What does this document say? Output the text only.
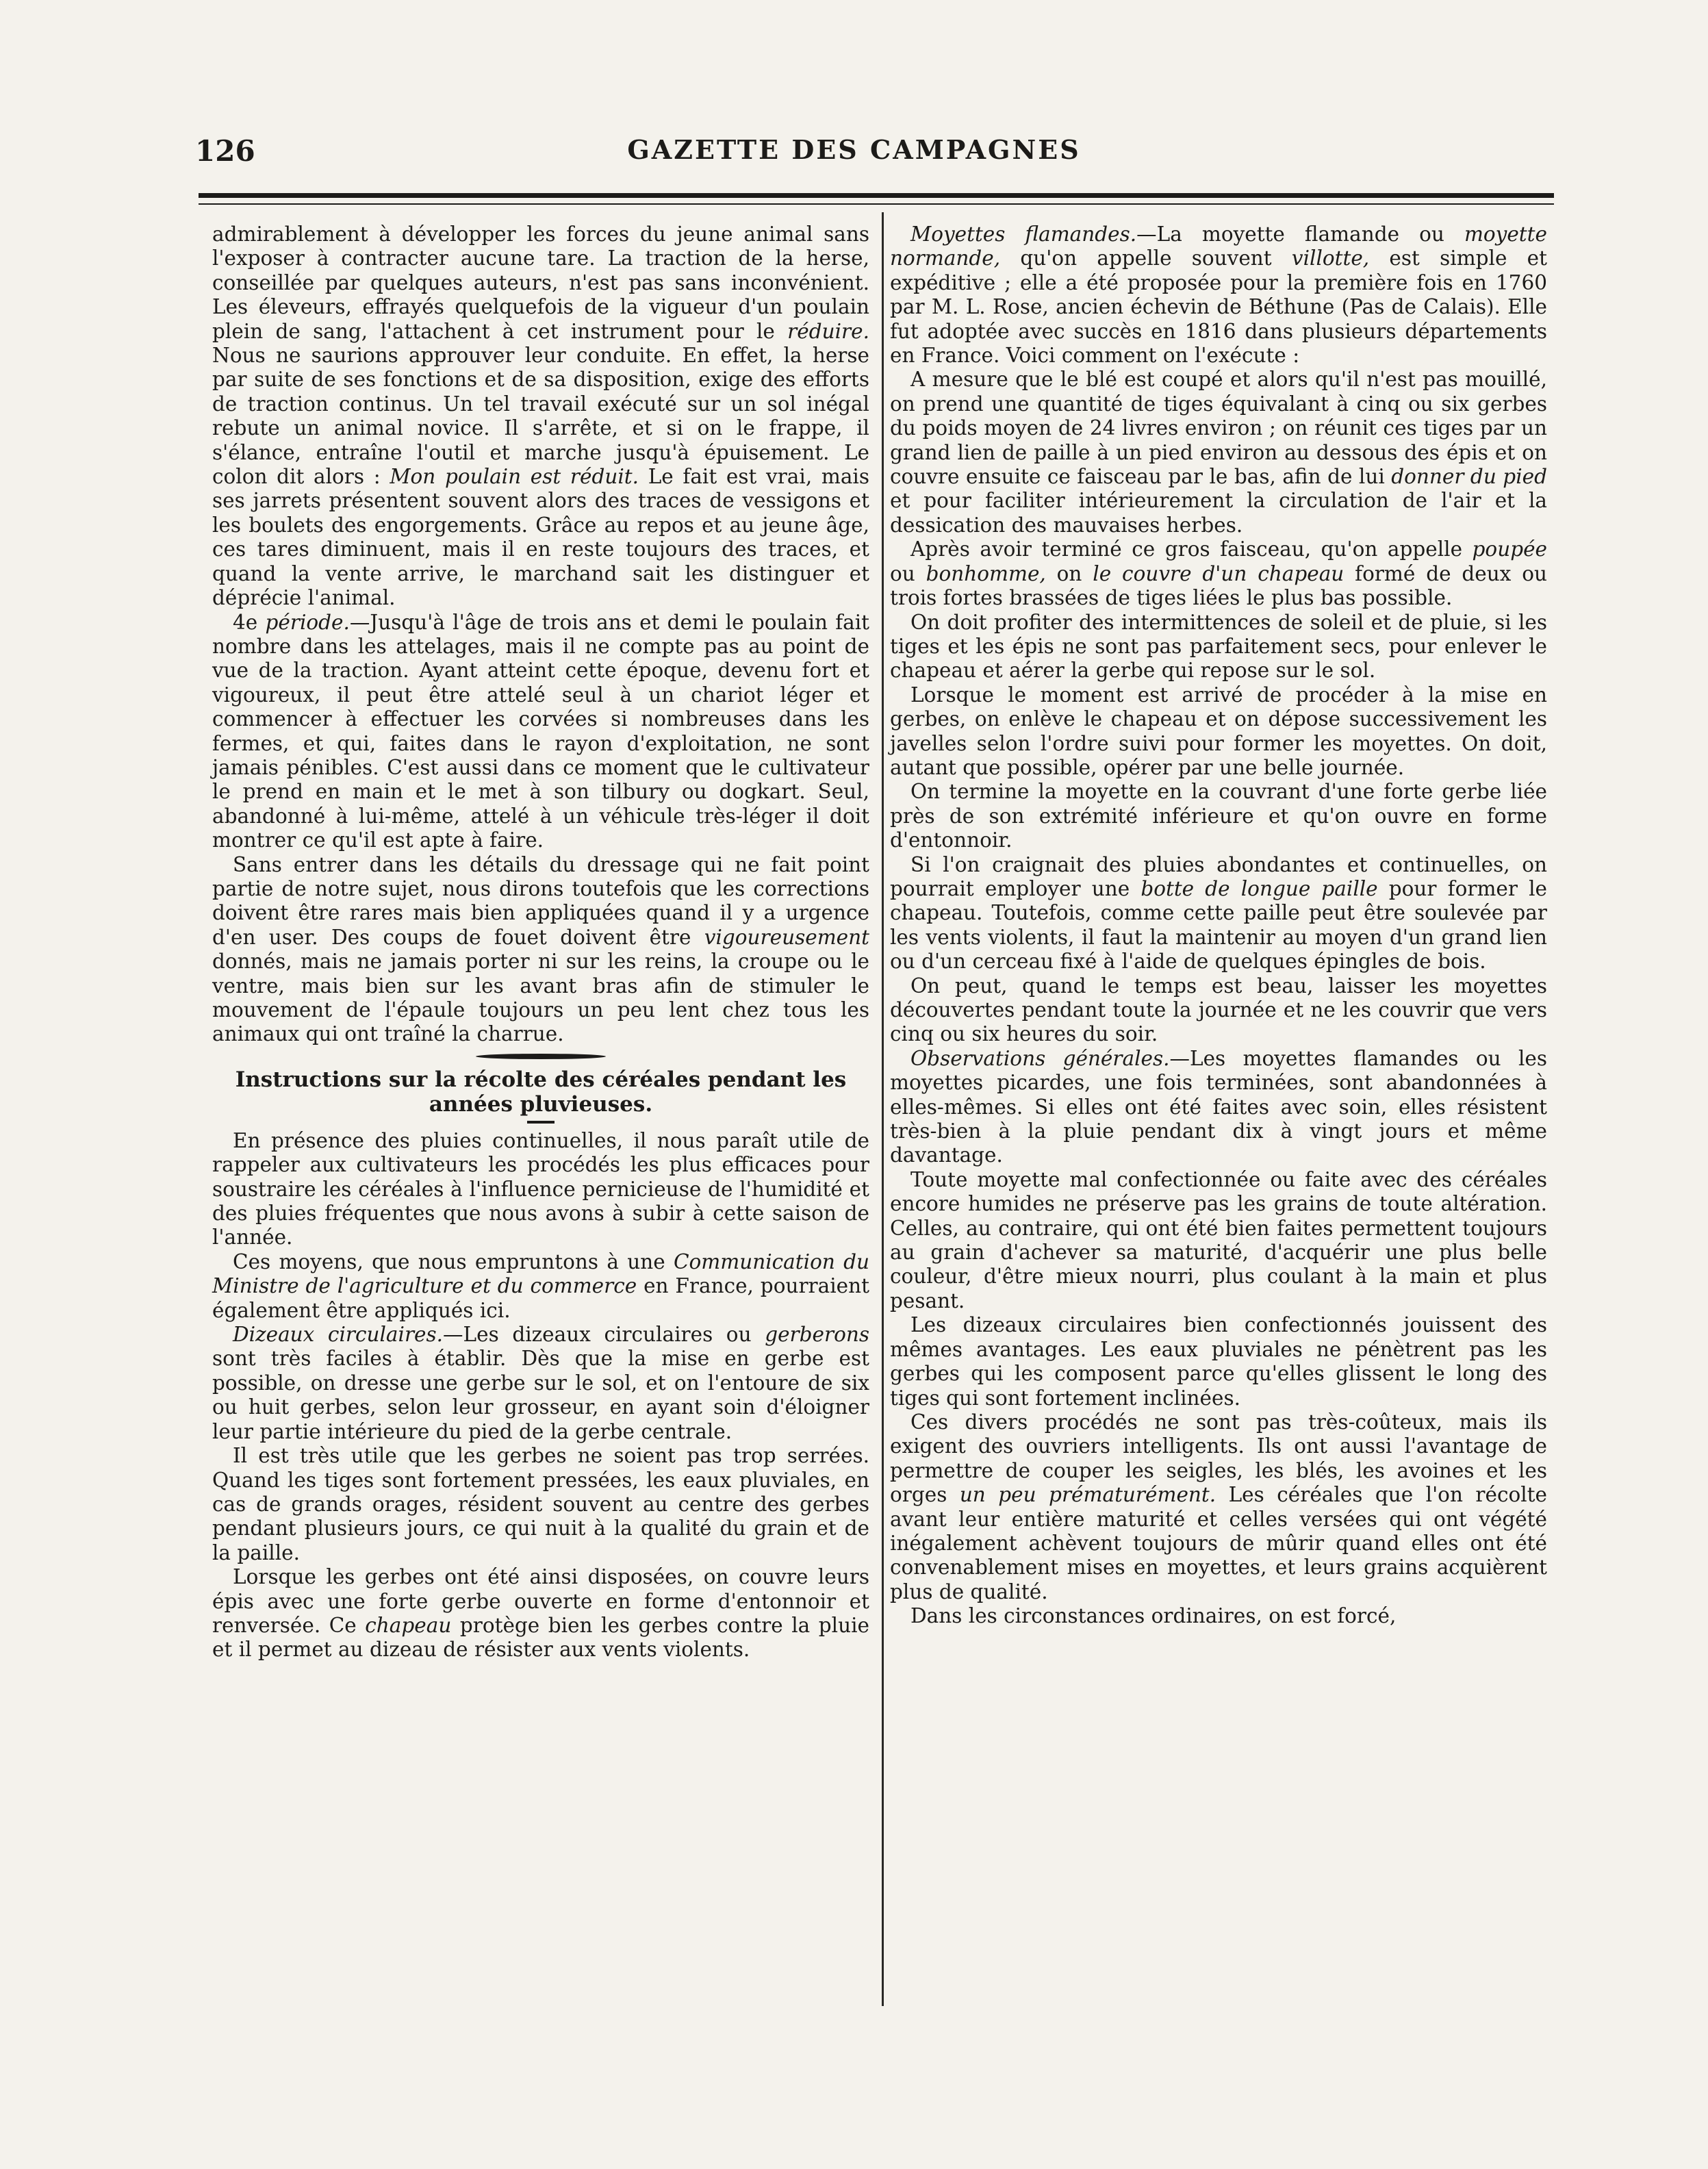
126	GAZETTE DES CAMPAGNES

admirablement à développer les forces du jeune animal sans l'exposer à contracter aucune tare. La traction de la herse, conseillée par quelques auteurs, n'est pas sans inconvénient. Les éleveurs, effrayés quelquefois de la vigueur d'un poulain plein de sang, l'attachent à cet instrument pour le réduire. Nous ne saurions approuver leur conduite. En effet, la herse par suite de ses fonctions et de sa disposition, exige des efforts de traction continus. Un tel travail exécuté sur un sol inégal rebute un animal novice. Il s'arrête, et si on le frappe, il s'élance, entraîne l'outil et marche jusqu'à épuisement. Le colon dit alors : Mon poulain est réduit. Le fait est vrai, mais ses jarrets présentent souvent alors des traces de vessigons et les boulets des engorgements. Grâce au repos et au jeune âge, ces tares diminuent, mais il en reste toujours des traces, et quand la vente arrive, le marchand sait les distinguer et déprécie l'animal.

4e période.—Jusqu'à l'âge de trois ans et demi le poulain fait nombre dans les attelages, mais il ne compte pas au point de vue de la traction. Ayant atteint cette époque, devenu fort et vigoureux, il peut être attelé seul à un chariot léger et commencer à effectuer les corvées si nombreuses dans les fermes, et qui, faites dans le rayon d'exploitation, ne sont jamais pénibles. C'est aussi dans ce moment que le cultivateur le prend en main et le met à son tilbury ou dogkart. Seul, abandonné à lui-même, attelé à un véhicule très-léger il doit montrer ce qu'il est apte à faire.

Sans entrer dans les détails du dressage qui ne fait point partie de notre sujet, nous dirons toutefois que les corrections doivent être rares mais bien appliquées quand il y a urgence d'en user. Des coups de fouet doivent être vigoureusement donnés, mais ne jamais porter ni sur les reins, la croupe ou le ventre, mais bien sur les avant bras afin de stimuler le mouvement de l'épaule toujours un peu lent chez tous les animaux qui ont traîné la charrue.

Instructions sur la récolte des céréales pendant les années pluvieuses.

En présence des pluies continuelles, il nous paraît utile de rappeler aux cultivateurs les procédés les plus efficaces pour soustraire les céréales à l'influence pernicieuse de l'humidité et des pluies fréquentes que nous avons à subir à cette saison de l'année.

Ces moyens, que nous empruntons à une Communication du Ministre de l'agriculture et du commerce en France, pourraient également être appliqués ici.

Dizeaux circulaires.—Les dizeaux circulaires ou gerberons sont très faciles à établir. Dès que la mise en gerbe est possible, on dresse une gerbe sur le sol, et on l'entoure de six ou huit gerbes, selon leur grosseur, en ayant soin d'éloigner leur partie intérieure du pied de la gerbe centrale.

Il est très utile que les gerbes ne soient pas trop serrées. Quand les tiges sont fortement pressées, les eaux pluviales, en cas de grands orages, résident souvent au centre des gerbes pendant plusieurs jours, ce qui nuit à la qualité du grain et de la paille.

Lorsque les gerbes ont été ainsi disposées, on couvre leurs épis avec une forte gerbe ouverte en forme d'entonnoir et renversée. Ce chapeau protège bien les gerbes contre la pluie et il permet au dizeau de résister aux vents violents.

Moyettes flamandes.—La moyette flamande ou moyette normande, qu'on appelle souvent villotte, est simple et expéditive ; elle a été proposée pour la première fois en 1760 par M. L. Rose, ancien échevin de Béthune (Pas de Calais). Elle fut adoptée avec succès en 1816 dans plusieurs départements en France. Voici comment on l'exécute :

A mesure que le blé est coupé et alors qu'il n'est pas mouillé, on prend une quantité de tiges équivalant à cinq ou six gerbes du poids moyen de 24 livres environ ; on réunit ces tiges par un grand lien de paille à un pied environ au dessous des épis et on couvre ensuite ce faisceau par le bas, afin de lui donner du pied et pour faciliter intérieurement la circulation de l'air et la dessication des mauvaises herbes.

Après avoir terminé ce gros faisceau, qu'on appelle poupée ou bonhomme, on le couvre d'un chapeau formé de deux ou trois fortes brassées de tiges liées le plus bas possible.

On doit profiter des intermittences de soleil et de pluie, si les tiges et les épis ne sont pas parfaitement secs, pour enlever le chapeau et aérer la gerbe qui repose sur le sol.

Lorsque le moment est arrivé de procéder à la mise en gerbes, on enlève le chapeau et on dépose successivement les javelles selon l'ordre suivi pour former les moyettes. On doit, autant que possible, opérer par une belle journée.

On termine la moyette en la couvrant d'une forte gerbe liée près de son extrémité inférieure et qu'on ouvre en forme d'entonnoir.

Si l'on craignait des pluies abondantes et continuelles, on pourrait employer une botte de longue paille pour former le chapeau. Toutefois, comme cette paille peut être soulevée par les vents violents, il faut la maintenir au moyen d'un grand lien ou d'un cerceau fixé à l'aide de quelques épingles de bois.

On peut, quand le temps est beau, laisser les moyettes découvertes pendant toute la journée et ne les couvrir que vers cinq ou six heures du soir.

Observations générales.—Les moyettes flamandes ou les moyettes picardes, une fois terminées, sont abandonnées à elles-mêmes. Si elles ont été faites avec soin, elles résistent très-bien à la pluie pendant dix à vingt jours et même davantage.

Toute moyette mal confectionnée ou faite avec des céréales encore humides ne préserve pas les grains de toute altération. Celles, au contraire, qui ont été bien faites permettent toujours au grain d'achever sa maturité, d'acquérir une plus belle couleur, d'être mieux nourri, plus coulant à la main et plus pesant.

Les dizeaux circulaires bien confectionnés jouissent des mêmes avantages. Les eaux pluviales ne pénètrent pas les gerbes qui les composent parce qu'elles glissent le long des tiges qui sont fortement inclinées.

Ces divers procédés ne sont pas très-coûteux, mais ils exigent des ouvriers intelligents. Ils ont aussi l'avantage de permettre de couper les seigles, les blés, les avoines et les orges un peu prématurément. Les céréales que l'on récolte avant leur entière maturité et celles versées qui ont végété inégalement achèvent toujours de mûrir quand elles ont été convenablement mises en moyettes, et leurs grains acquièrent plus de qualité.

Dans les circonstances ordinaires, on est forcé,
